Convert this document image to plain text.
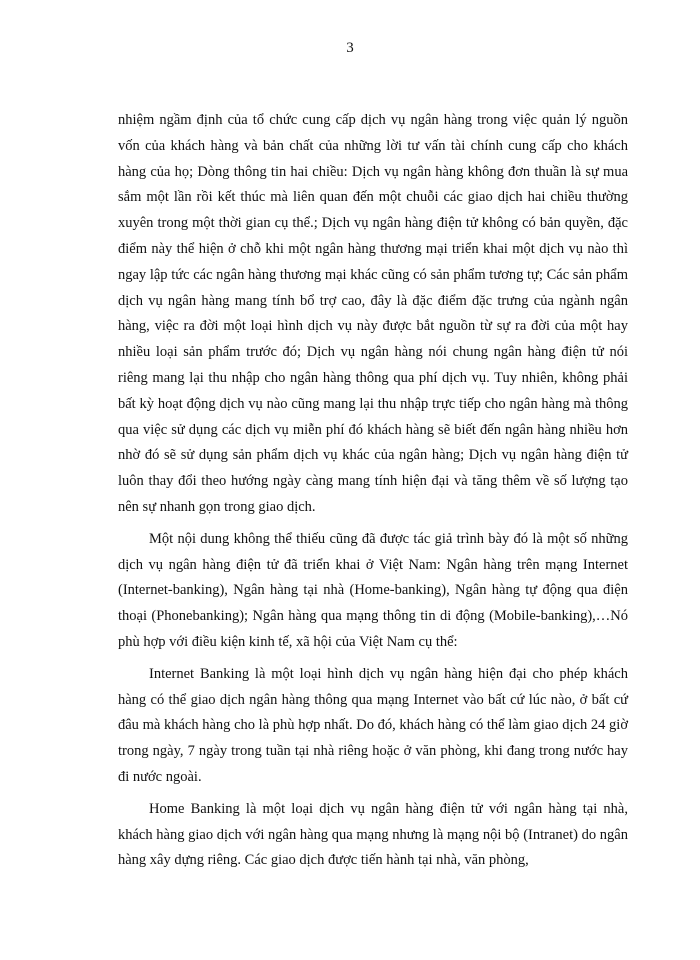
3

nhiệm ngầm định của tổ chức cung cấp dịch vụ ngân hàng trong việc quản lý nguồn vốn của khách hàng và bản chất của những lời tư vấn tài chính cung cấp cho khách hàng của họ; Dòng thông tin hai chiều: Dịch vụ ngân hàng không đơn thuần là sự mua sắm một lần rồi kết thúc mà liên quan đến một chuỗi các giao dịch hai chiều thường xuyên trong một thời gian cụ thể.; Dịch vụ ngân hàng điện tử không có bản quyền, đặc điểm này thể hiện ở chỗ khi một ngân hàng thương mại triển khai một dịch vụ nào thì ngay lập tức các ngân hàng thương mại khác cũng có sản phẩm tương tự; Các sản phẩm dịch vụ ngân hàng mang tính bổ trợ cao, đây là đặc điểm đặc trưng của ngành ngân hàng, việc ra đời một loại hình dịch vụ này được bắt nguồn từ sự ra đời của một hay nhiều loại sản phẩm trước đó; Dịch vụ ngân hàng nói chung ngân hàng điện tử nói riêng mang lại thu nhập cho ngân hàng thông qua phí dịch vụ. Tuy nhiên, không phải bất kỳ hoạt động dịch vụ nào cũng mang lại thu nhập trực tiếp cho ngân hàng mà thông qua việc sử dụng các dịch vụ miễn phí đó khách hàng sẽ biết đến ngân hàng nhiều hơn nhờ đó sẽ sử dụng sản phẩm dịch vụ khác của ngân hàng; Dịch vụ ngân hàng điện tử luôn thay đổi theo hướng ngày càng mang tính hiện đại và tăng thêm về số lượng tạo nên sự nhanh gọn trong giao dịch.

Một nội dung không thể thiếu cũng đã được tác giả trình bày đó là một số những dịch vụ ngân hàng điện tử đã triển khai ở Việt Nam: Ngân hàng trên mạng Internet (Internet-banking), Ngân hàng tại nhà (Home-banking), Ngân hàng tự động qua điện thoại (Phonebanking); Ngân hàng qua mạng thông tin di động (Mobile-banking),…Nó phù hợp với điều kiện kinh tế, xã hội của Việt Nam cụ thể:

Internet Banking là một loại hình dịch vụ ngân hàng hiện đại cho phép khách hàng có thể giao dịch ngân hàng thông qua mạng Internet vào bất cứ lúc nào, ở bất cứ đâu mà khách hàng cho là phù hợp nhất. Do đó, khách hàng có thể làm giao dịch 24 giờ trong ngày, 7 ngày trong tuần tại nhà riêng hoặc ở văn phòng, khi đang trong nước hay đi nước ngoài.

Home Banking là một loại dịch vụ ngân hàng điện tử với ngân hàng tại nhà, khách hàng giao dịch với ngân hàng qua mạng nhưng là mạng nội bộ (Intranet) do ngân hàng xây dựng riêng. Các giao dịch được tiến hành tại nhà, văn phòng,
